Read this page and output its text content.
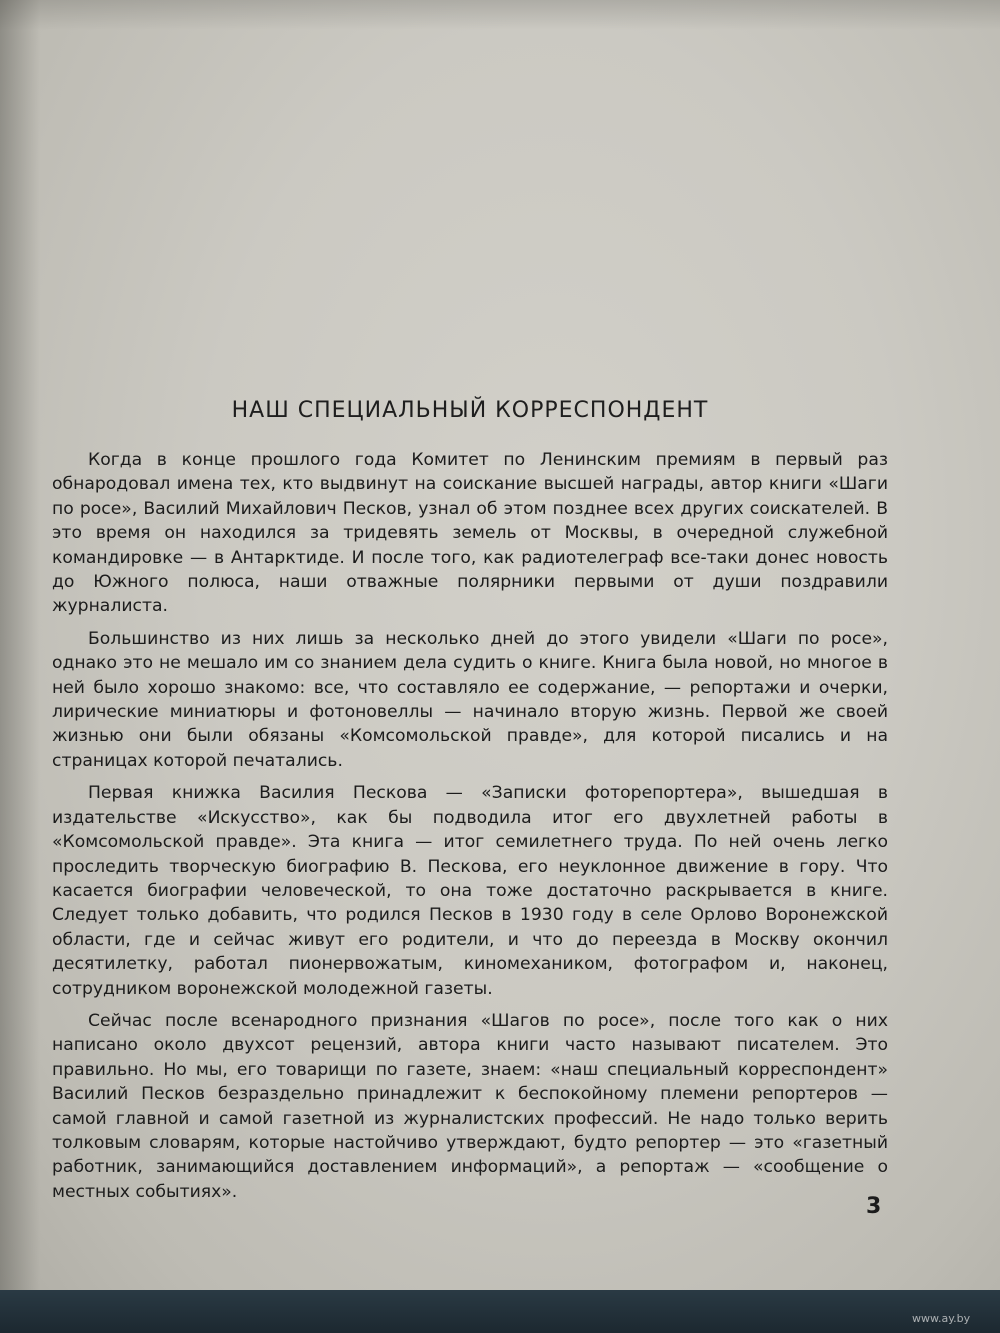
НАШ СПЕЦИАЛЬНЫЙ КОРРЕСПОНДЕНТ

Когда в конце прошлого года Комитет по Ленинским премиям в первый раз обнародовал имена тех, кто выдвинут на соискание высшей награды, автор книги «Шаги по росе», Василий Михайлович Песков, узнал об этом позднее всех других соискателей. В это время он находился за тридевять земель от Москвы, в очередной служебной командировке — в Антарктиде. И после того, как радиотелеграф все-таки донес новость до Южного полюса, наши отважные полярники первыми от души поздравили журналиста.

Большинство из них лишь за несколько дней до этого увидели «Шаги по росе», однако это не мешало им со знанием дела судить о книге. Книга была новой, но многое в ней было хорошо знакомо: все, что составляло ее содержание, — репортажи и очерки, лирические миниатюры и фотоновеллы — начинало вторую жизнь. Первой же своей жизнью они были обязаны «Комсомольской правде», для которой писались и на страницах которой печатались.

Первая книжка Василия Пескова — «Записки фоторепортера», вышедшая в издательстве «Искусство», как бы подводила итог его двухлетней работы в «Комсомольской правде». Эта книга — итог семилетнего труда. По ней очень легко проследить творческую биографию В. Пескова, его неуклонное движение в гору. Что касается биографии человеческой, то она тоже достаточно раскрывается в книге. Следует только добавить, что родился Песков в 1930 году в селе Орлово Воронежской области, где и сейчас живут его родители, и что до переезда в Москву окончил десятилетку, работал пионервожатым, киномехаником, фотографом и, наконец, сотрудником воронежской молодежной газеты.

Сейчас после всенародного признания «Шагов по росе», после того как о них написано около двухсот рецензий, автора книги часто называют писателем. Это правильно. Но мы, его товарищи по газете, знаем: «наш специальный корреспондент» Василий Песков безраздельно принадлежит к беспокойному племени репортеров — самой главной и самой газетной из журналистских профессий. Не надо только верить толковым словарям, которые настойчиво утверждают, будто репортер — это «газетный работник, занимающийся доставлением информаций», а репортаж — «сообщение о местных событиях».

3
www.ay.by
